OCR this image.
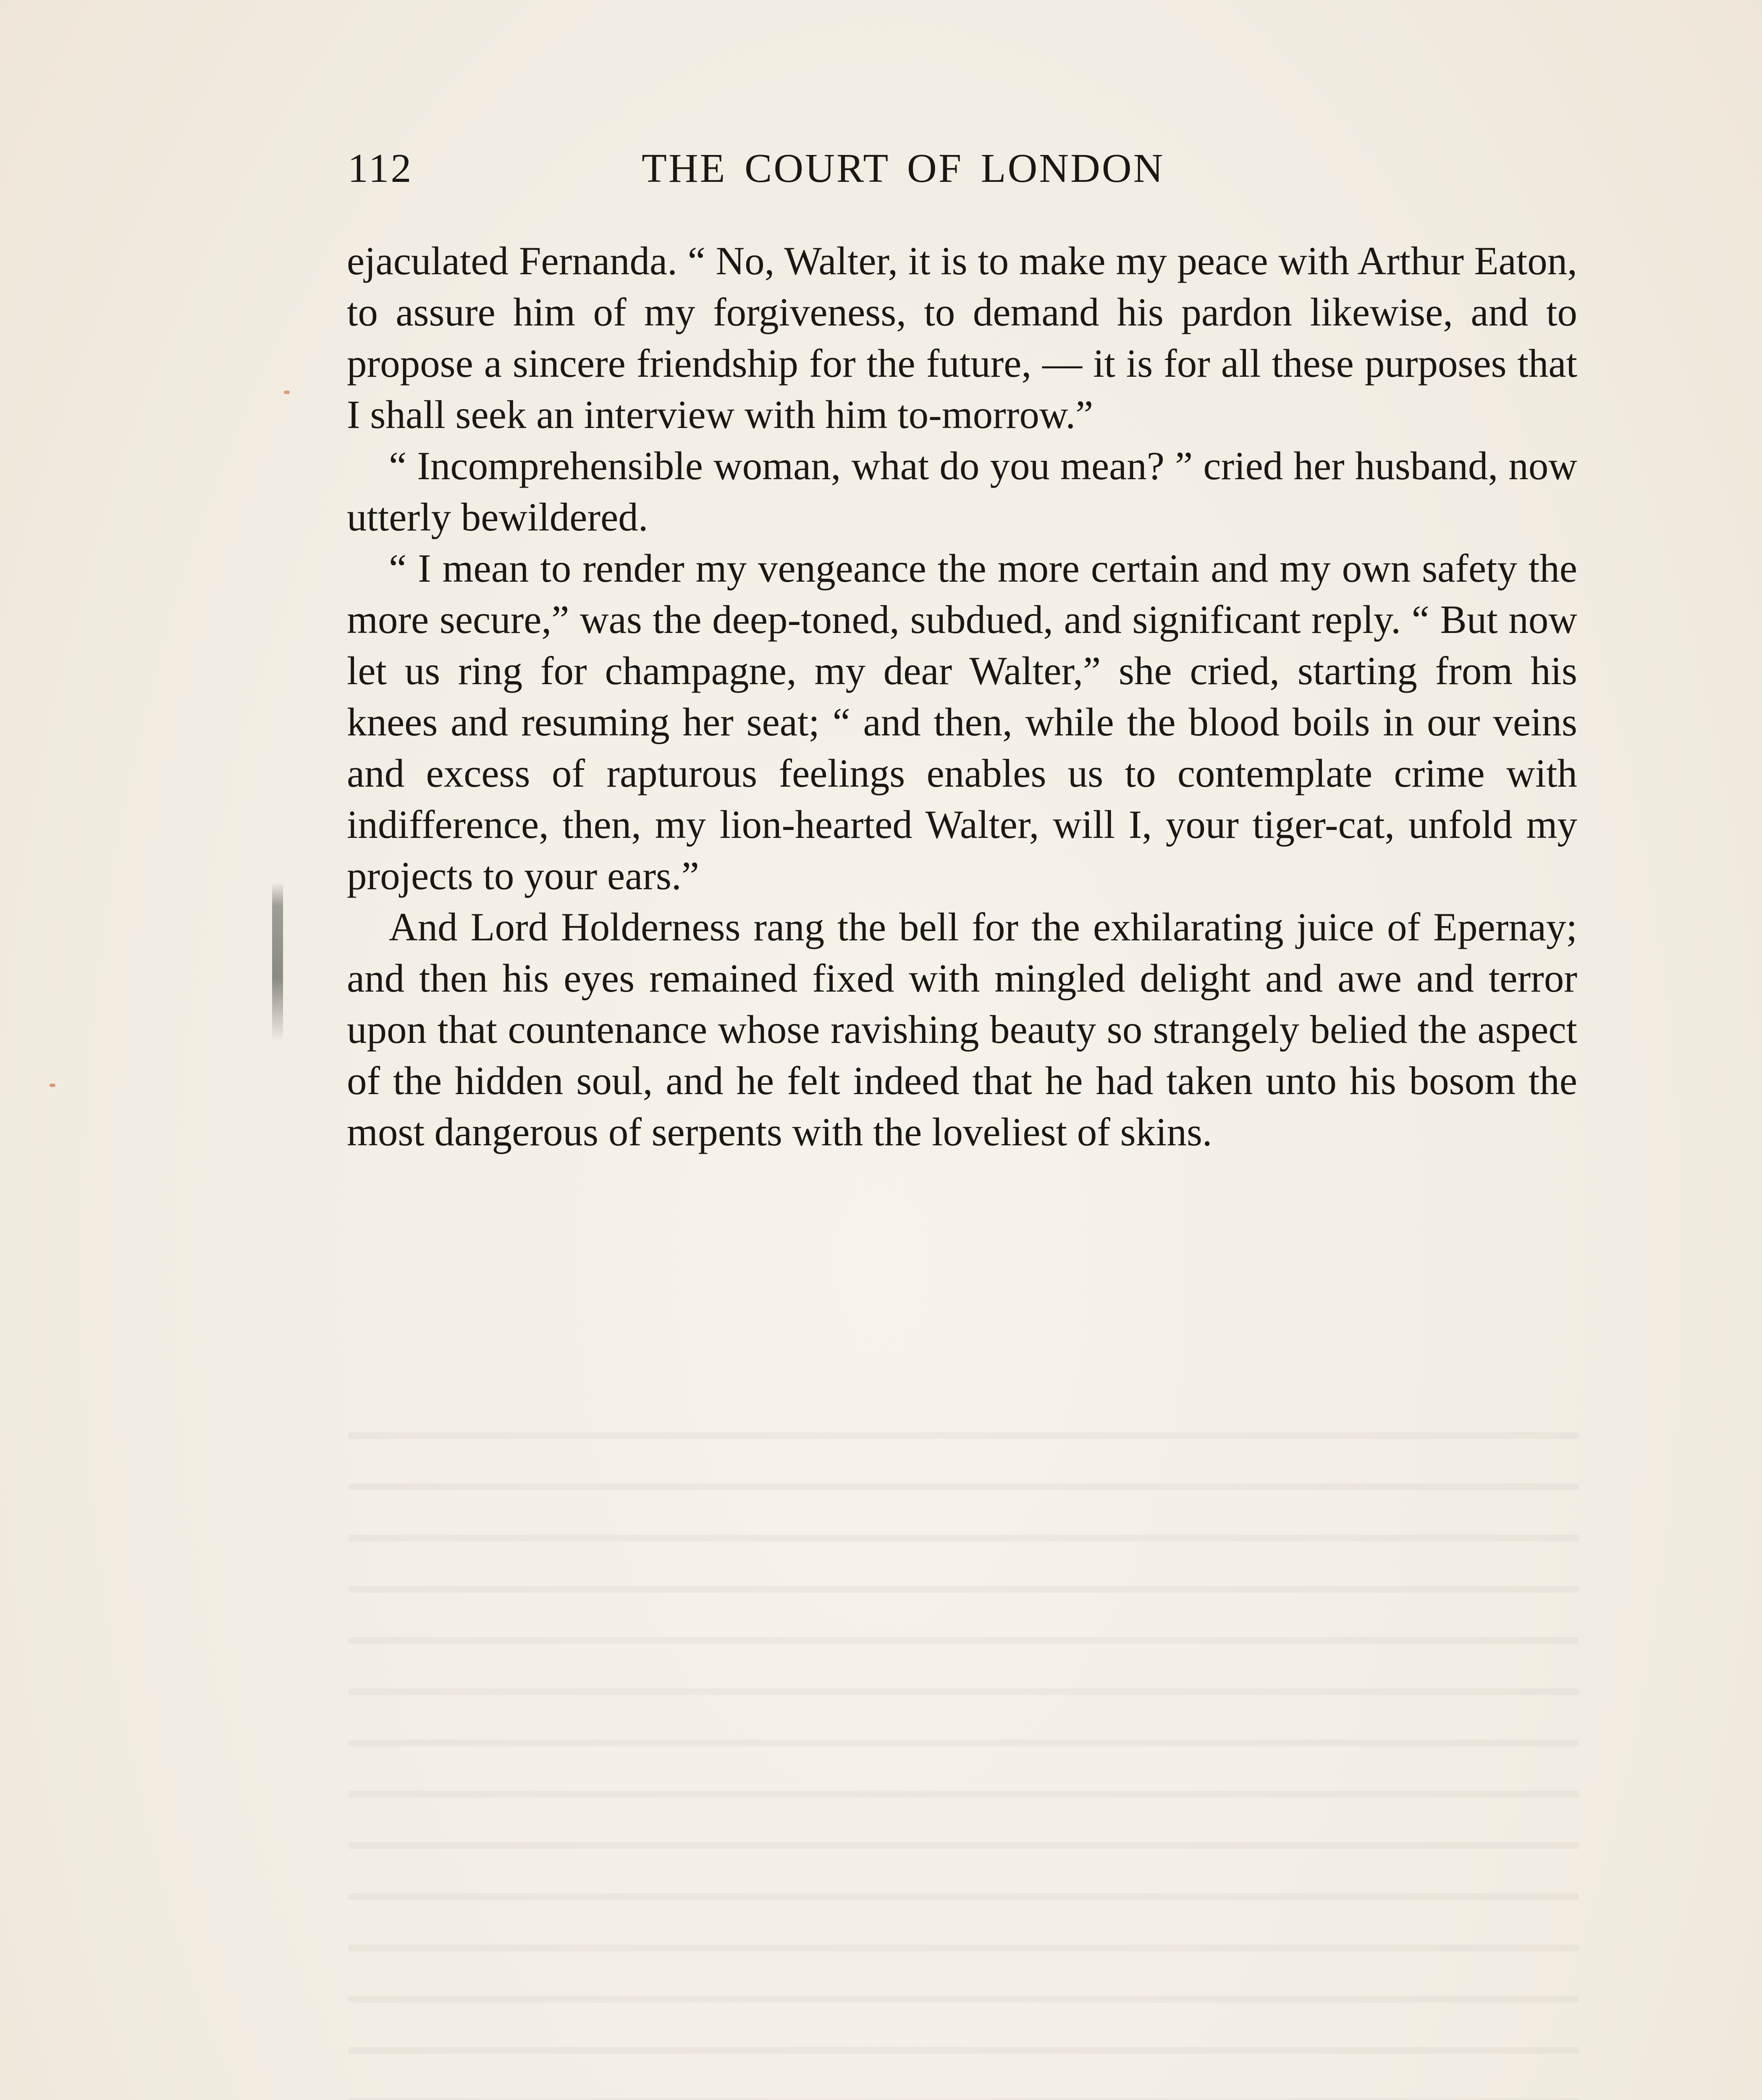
112	THE COURT OF LONDON

ejaculated Fernanda. “ No, Walter, it is to make my peace with Arthur Eaton, to assure him of my forgiveness, to demand his pardon likewise, and to propose a sincere friendship for the future, — it is for all these purposes that I shall seek an interview with him to-morrow.”

“ Incomprehensible woman, what do you mean? ” cried her husband, now utterly bewildered.

“ I mean to render my vengeance the more certain and my own safety the more secure,” was the deep-toned, subdued, and significant reply. “ But now let us ring for champagne, my dear Walter,” she cried, starting from his knees and resuming her seat; “ and then, while the blood boils in our veins and excess of rapturous feelings enables us to contemplate crime with indifference, then, my lion-hearted Walter, will I, your tiger-cat, unfold my projects to your ears.”

And Lord Holderness rang the bell for the exhilarating juice of Epernay; and then his eyes remained fixed with mingled delight and awe and terror upon that countenance whose ravishing beauty so strangely belied the aspect of the hidden soul, and he felt indeed that he had taken unto his bosom the most dangerous of serpents with the loveliest of skins.
